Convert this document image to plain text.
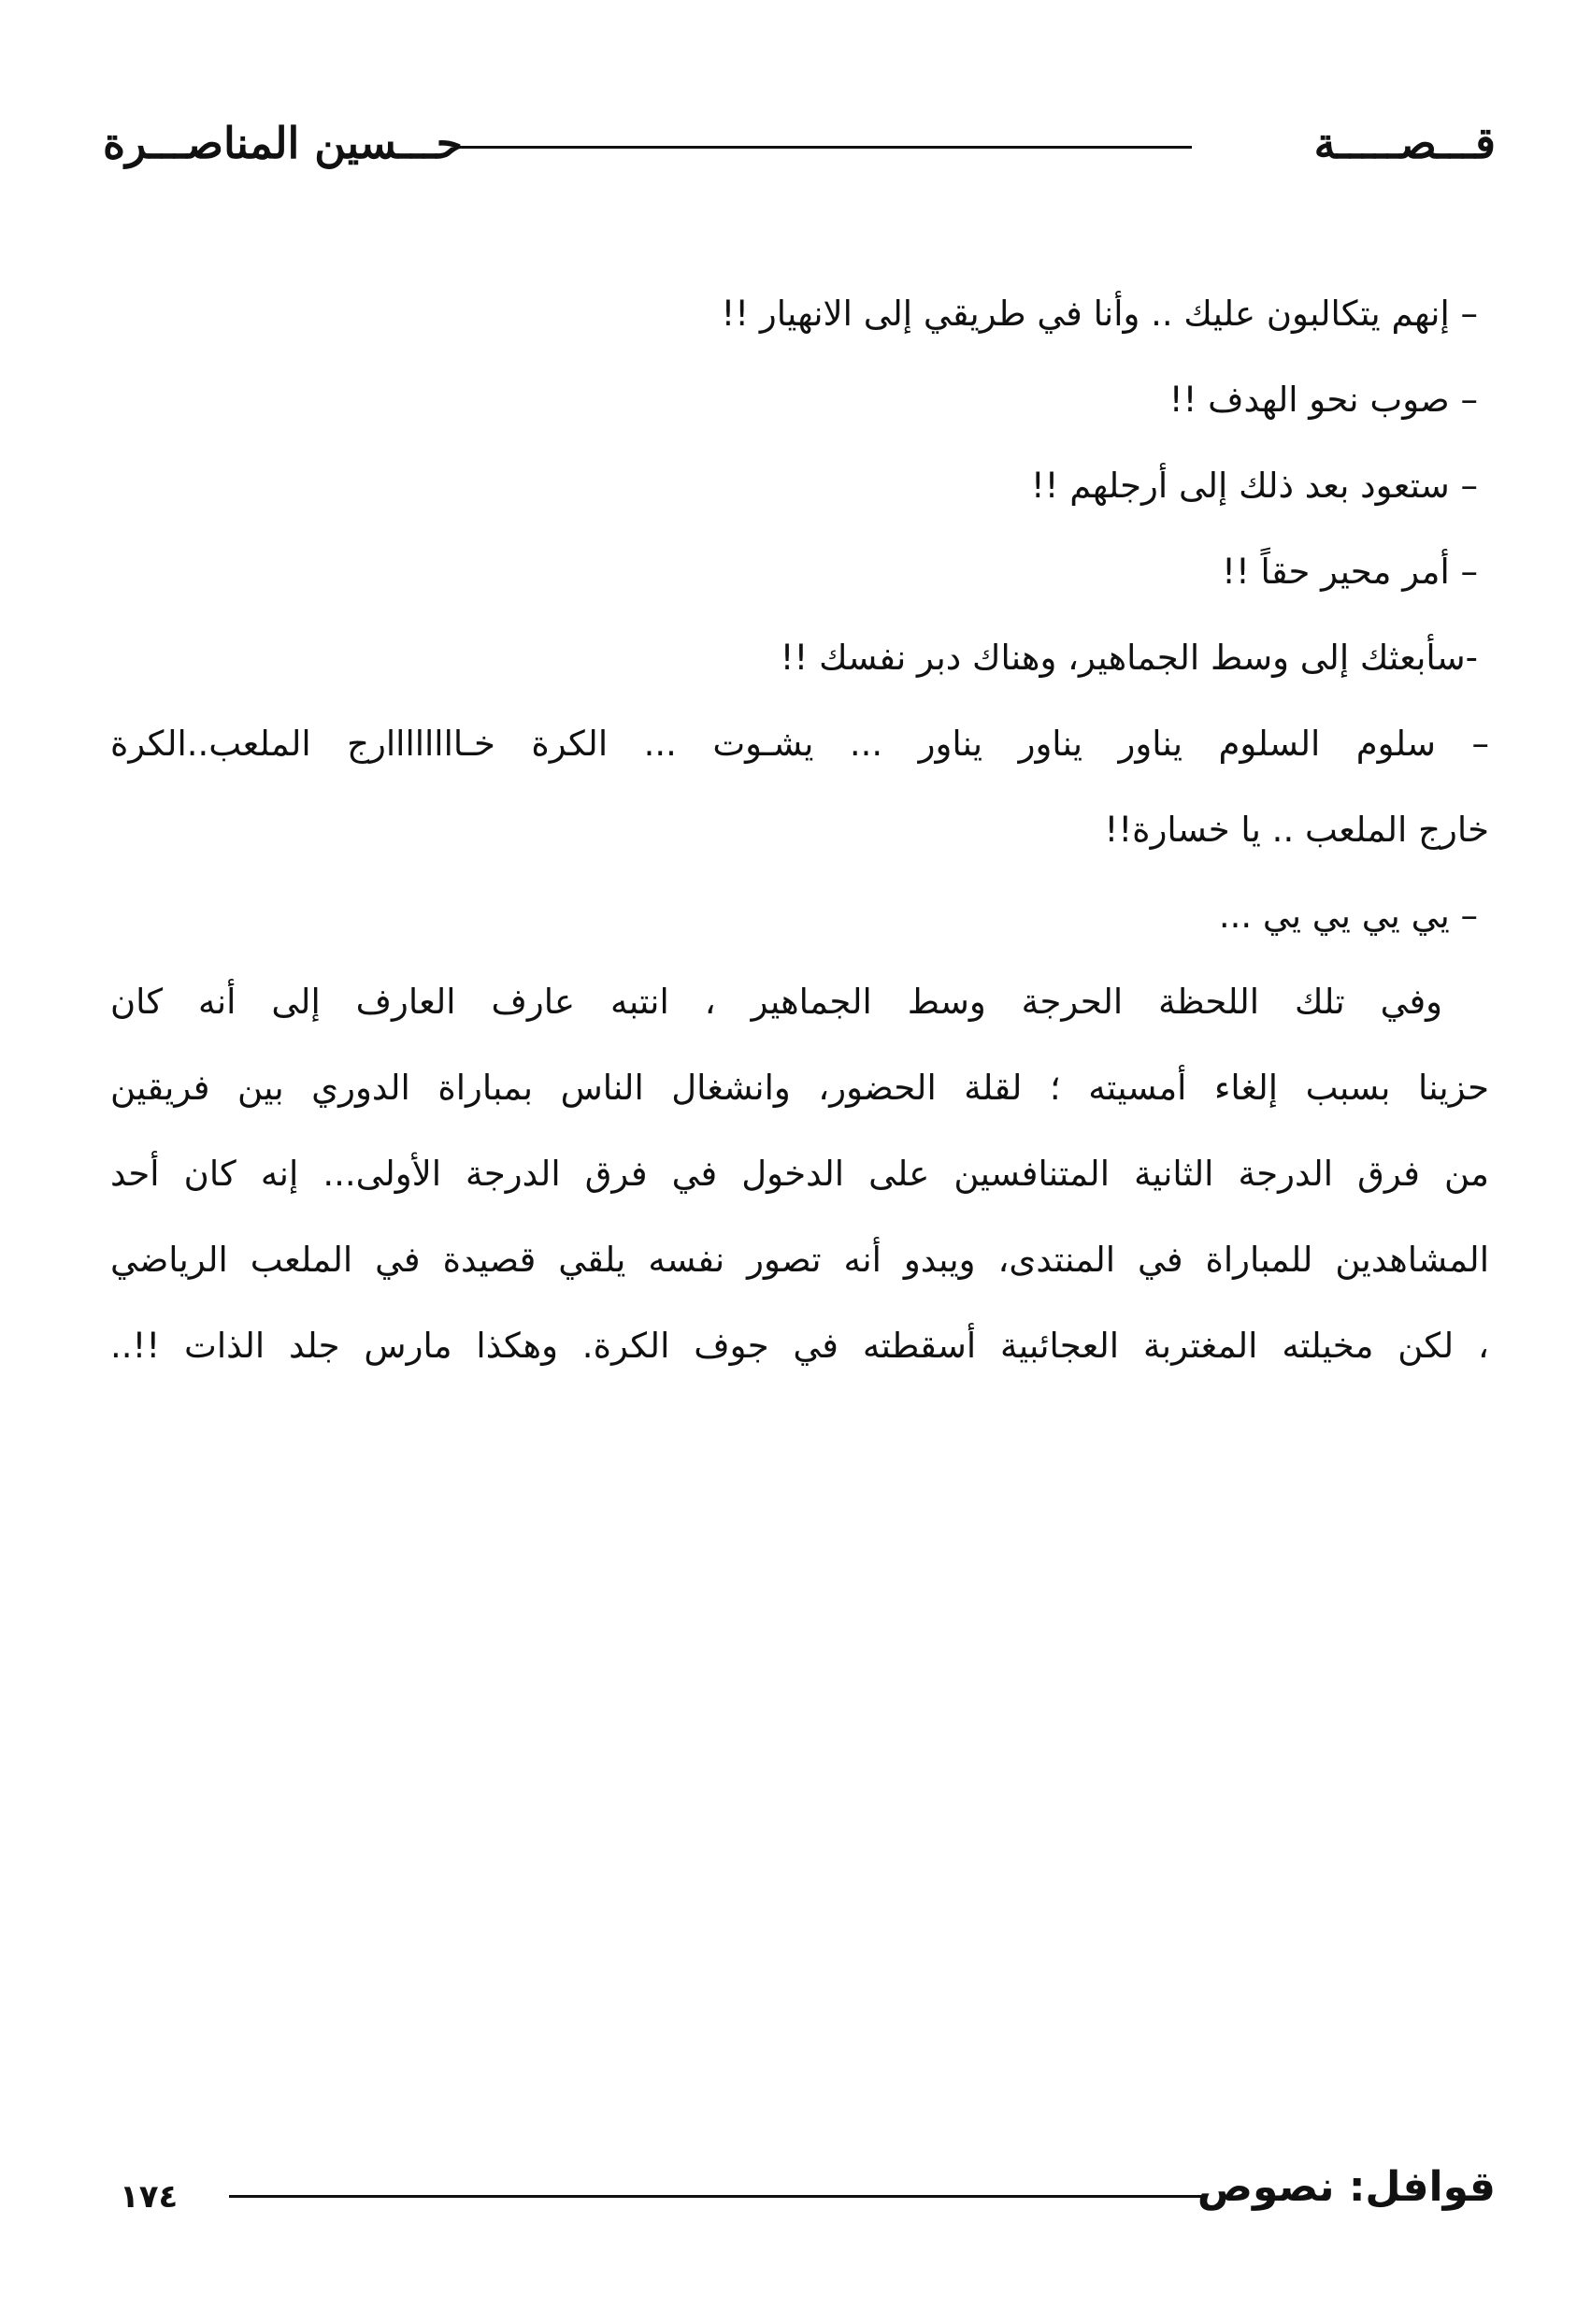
قـــصـــــة
حـــسين المناصـــرة
– إنهم يتكالبون عليك .. وأنا في طريقي إلى الانهيار !!
– صوب نحو الهدف !!
– ستعود بعد ذلك إلى أرجلهم !!
– أمر محير حقاً !!
-سأبعثك إلى وسط الجماهير، وهناك دبر نفسك !!
– سلوم السلوم يناور يناور يناور ... يشـوت ... الكرة خـاااااااارج الملعب..الكرة
خارج الملعب .. يا خسارة!!
– يي يي يي يي ...
وفي تلك اللحظة الحرجة وسط الجماهير ، انتبه عارف العارف إلى أنه كان
حزينا بسبب إلغاء أمسيته ؛ لقلة الحضور، وانشغال الناس بمباراة الدوري بين فريقين
من فرق الدرجة الثانية المتنافسين على الدخول في فرق الدرجة الأولى... إنه كان أحد
المشاهدين للمباراة في المنتدى، ويبدو أنه تصور نفسه يلقي قصيدة في الملعب الرياضي
، لكن مخيلته المغتربة العجائبية أسقطته في جوف الكرة. وهكذا مارس جلد الذات !!..
قوافل: نصوص
١٧٤
